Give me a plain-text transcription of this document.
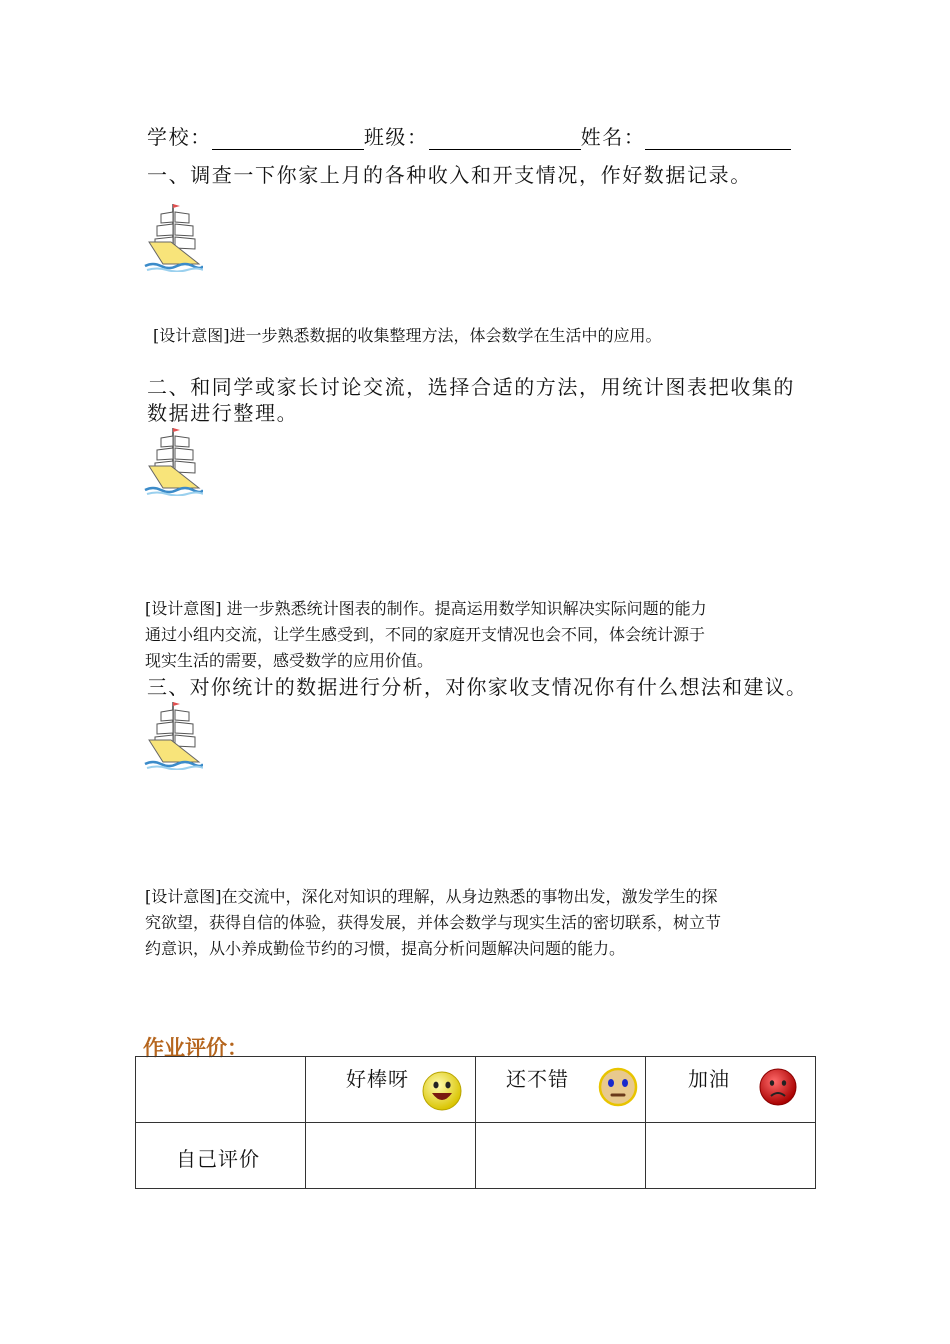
学校：	班级：	姓名：
一、调查一下你家上月的各种收入和开支情况，作好数据记录。
[设计意图]进一步熟悉数据的收集整理方法，体会数学在生活中的应用。
二、和同学或家长讨论交流，选择合适的方法，用统计图表把收集的
数据进行整理。
[设计意图] 进一步熟悉统计图表的制作。提高运用数学知识解决实际问题的能力
通过小组内交流，让学生感受到，不同的家庭开支情况也会不同，体会统计源于
现实生活的需要，感受数学的应用价值。
三、对你统计的数据进行分析，对你家收支情况你有什么想法和建议。
[设计意图]在交流中，深化对知识的理解，从身边熟悉的事物出发，激发学生的探
究欲望，获得自信的体验，获得发展，并体会数学与现实生活的密切联系，树立节
约意识，从小养成勤俭节约的习惯，提高分析问题解决问题的能力。
作业评价：

	好棒呀	还不错	加油

自己评价			
